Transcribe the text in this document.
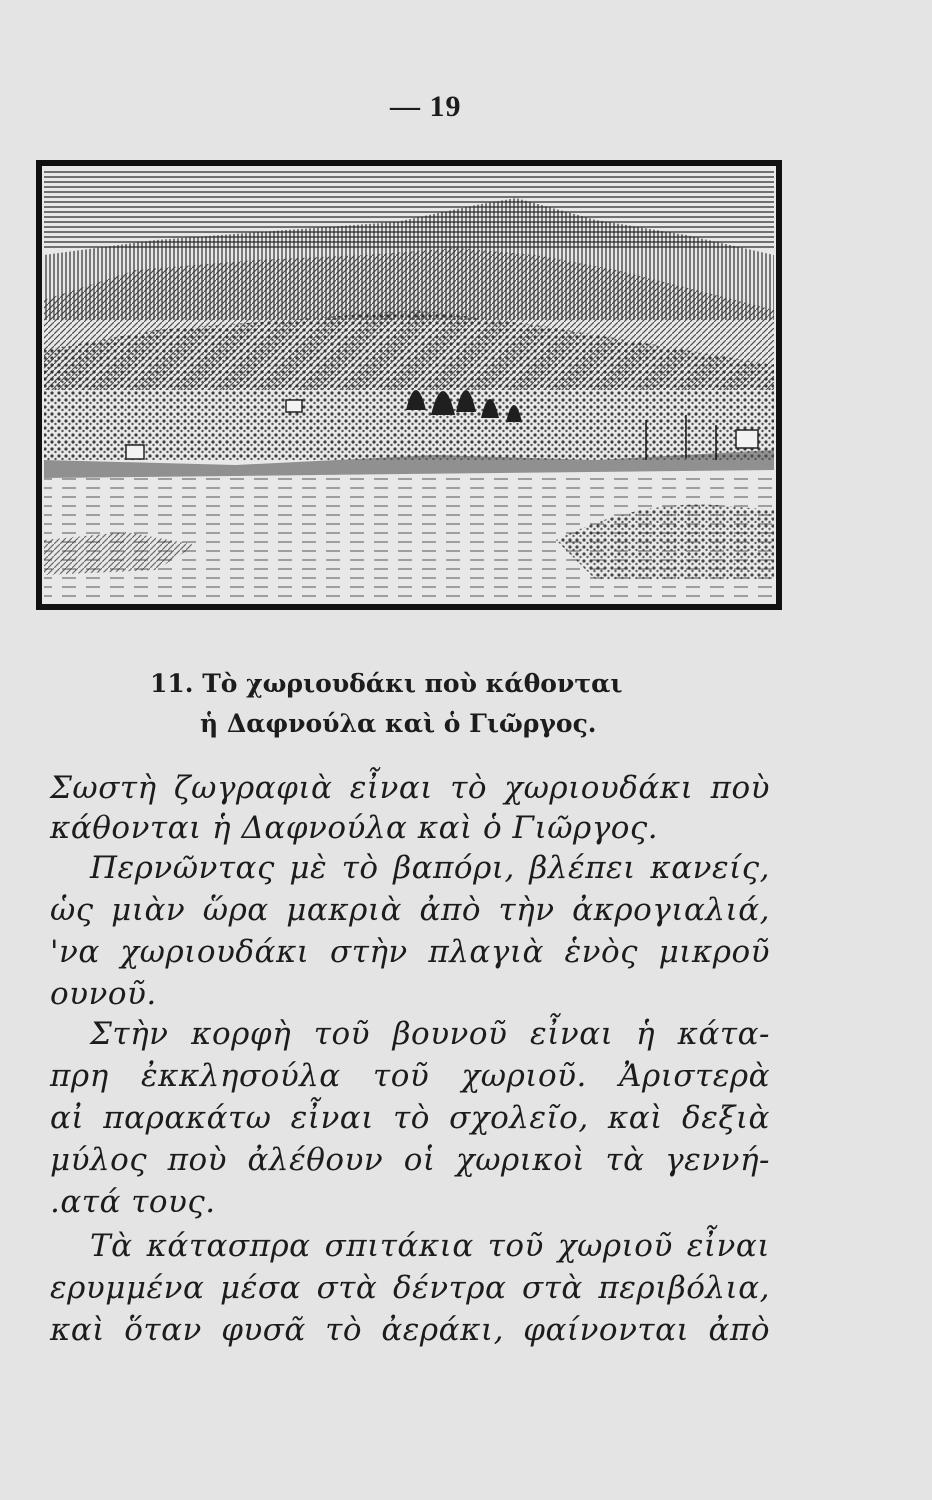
— 19
11. Τὸ χωριουδάκι ποὺ κάθονται
ἡ Δαφνούλα καὶ ὁ Γιῶργος.
Σωστὴ ζωγραφιὰ εἶναι τὸ χωριουδάκι ποὺ
κάθονται ἡ Δαφνούλα καὶ ὁ Γιῶργος.
Περνῶντας μὲ τὸ βαπόρι, βλέπει κανείς,
ὡς μιὰν ὥρα μακριὰ ἀπὸ τὴν ἀκρογιαλιά,
'να χωριουδάκι στὴν πλαγιὰ ἑνὸς μικροῦ
ουνοῦ.
Στὴν κορφὴ τοῦ βουνοῦ εἶναι ἡ κάτα-
πρη ἐκκλησούλα τοῦ χωριοῦ. Ἀριστερὰ
αἰ παρακάτω εἶναι τὸ σχολεῖο, καὶ δεξιὰ
μύλος ποὺ ἀλέθουν οἱ χωρικοὶ τὰ γεννή-
.ατά τους.
Τὰ κάτασπρα σπιτάκια τοῦ χωριοῦ εἶναι
ερυμμένα μέσα στὰ δέντρα στὰ περιβόλια,
καὶ ὅταν φυσᾶ τὸ ἀεράκι, φαίνονται ἀπὸ
